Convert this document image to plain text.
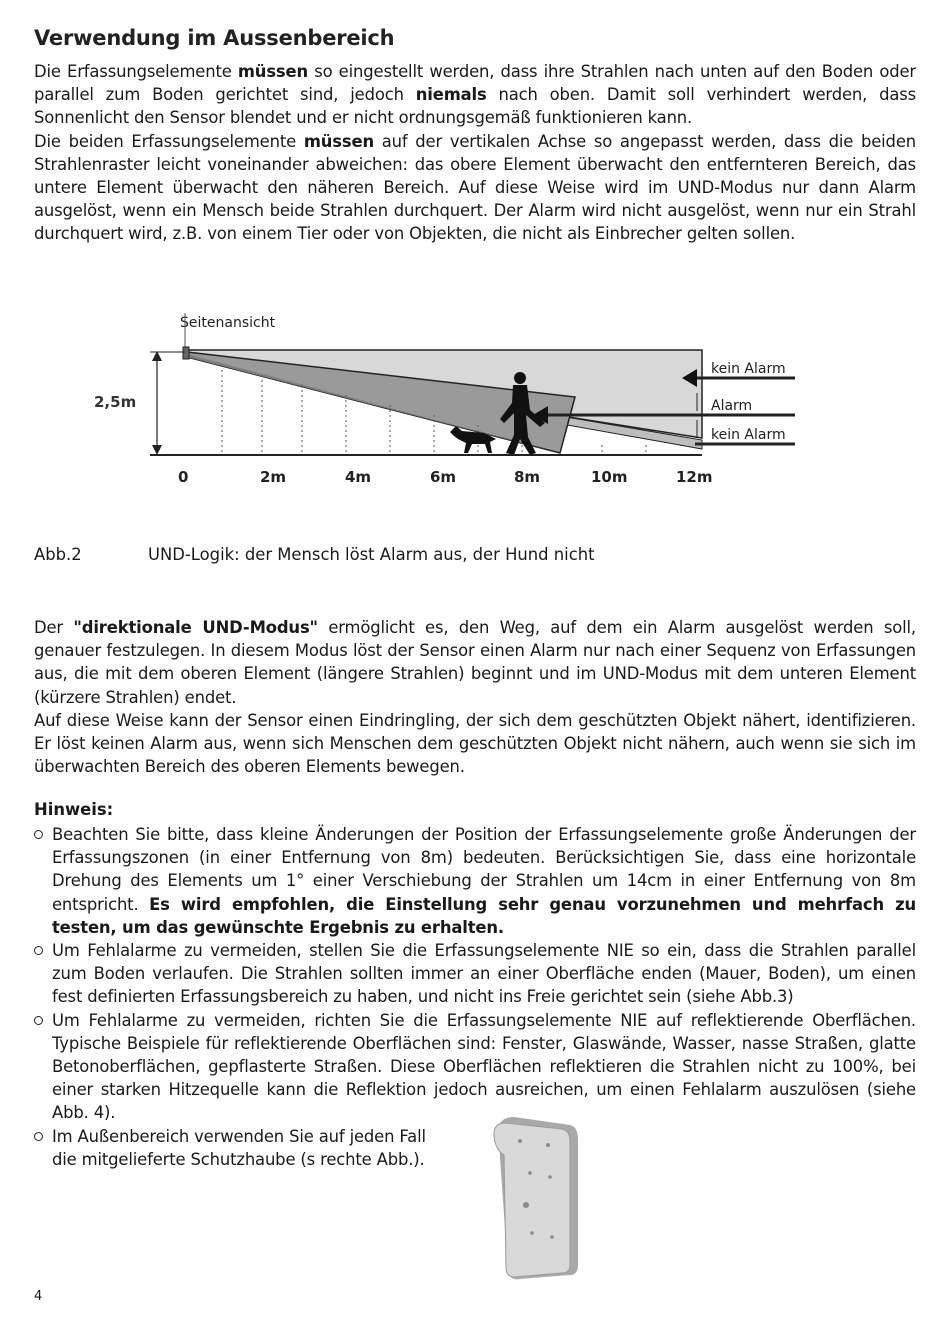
Verwendung im Aussenbereich
Die Erfassungselemente müssen so eingestellt werden, dass ihre Strahlen nach unten auf den Boden oder parallel zum Boden gerichtet sind, jedoch niemals nach oben. Damit soll verhindert werden, dass Sonnenlicht den Sensor blendet und er nicht ordnungsgemäß funktionieren kann.
Die beiden Erfassungselemente müssen auf der vertikalen Achse so angepasst werden, dass die beiden Strahlenraster leicht voneinander abweichen: das obere Element überwacht den entfernteren Bereich, das untere Element überwacht den näheren Bereich. Auf diese Weise wird im UND-Modus nur dann Alarm ausgelöst, wenn ein Mensch beide Strahlen durchquert. Der Alarm wird nicht ausgelöst, wenn nur ein Strahl durchquert wird, z.B. von einem Tier oder von Objekten, die nicht als Einbrecher gelten sollen.
Seitenansicht
2,5m
kein Alarm
Alarm
kein Alarm
0	2m	4m	6m	8m	10m	12m
Abb.2	UND-Logik: der Mensch löst Alarm aus, der Hund nicht
Der "direktionale UND-Modus" ermöglicht es, den Weg, auf dem ein Alarm ausgelöst werden soll, genauer festzulegen. In diesem Modus löst der Sensor einen Alarm nur nach einer Sequenz von Erfassungen aus, die mit dem oberen Element (längere Strahlen) beginnt und im UND-Modus mit dem unteren Element (kürzere Strahlen) endet.
Auf diese Weise kann der Sensor einen Eindringling, der sich dem geschützten Objekt nähert, identifizieren. Er löst keinen Alarm aus, wenn sich Menschen dem geschützten Objekt nicht nähern, auch wenn sie sich im überwachten Bereich des oberen Elements bewegen.
Hinweis:
Beachten Sie bitte, dass kleine Änderungen der Position der Erfassungselemente große Änderungen der Erfassungszonen (in einer Entfernung von 8m) bedeuten. Berücksichtigen Sie, dass eine horizontale Drehung des Elements um 1° einer Verschiebung der Strahlen um 14cm in einer Entfernung von 8m entspricht. Es wird empfohlen, die Einstellung sehr genau vorzunehmen und mehrfach zu testen, um das gewünschte Ergebnis zu erhalten.
Um Fehlalarme zu vermeiden, stellen Sie die Erfassungselemente NIE so ein, dass die Strahlen parallel zum Boden verlaufen. Die Strahlen sollten immer an einer Oberfläche enden (Mauer, Boden), um einen fest definierten Erfassungsbereich zu haben, und nicht ins Freie gerichtet sein (siehe Abb.3)
Um Fehlalarme zu vermeiden, richten Sie die Erfassungselemente NIE auf reflektierende Oberflächen. Typische Beispiele für reflektierende Oberflächen sind: Fenster, Glaswände, Wasser, nasse Straßen, glatte Betonoberflächen, gepflasterte Straßen. Diese Oberflächen reflektieren die Strahlen nicht zu 100%, bei einer starken Hitzequelle kann die Reflektion jedoch ausreichen, um einen Fehlalarm auszulösen (siehe Abb. 4).
Im Außenbereich verwenden Sie auf jeden Fall
die mitgelieferte Schutzhaube (s rechte Abb.).
4
